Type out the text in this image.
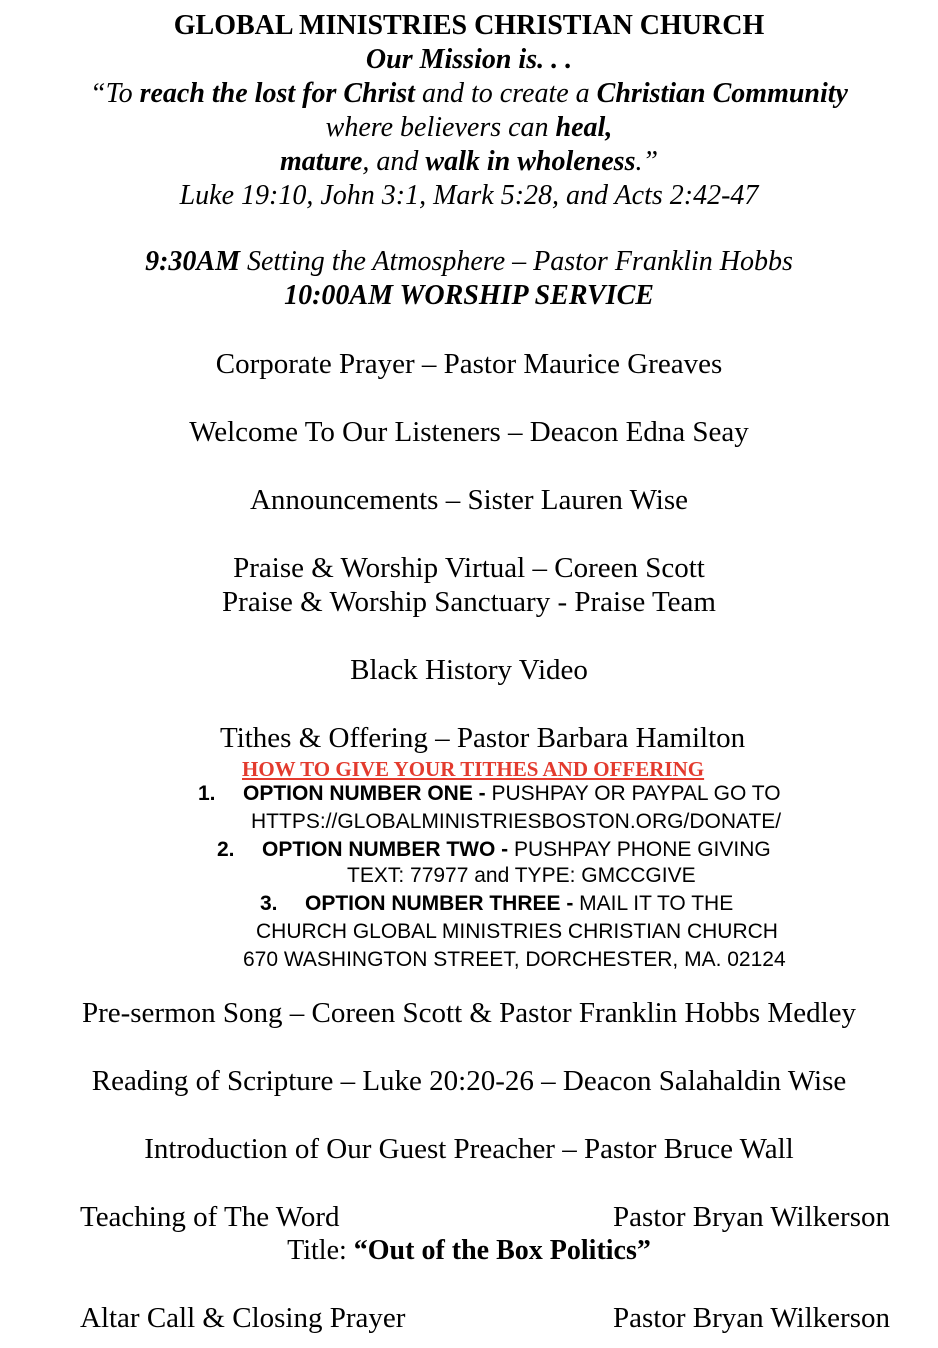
GLOBAL MINISTRIES CHRISTIAN CHURCH
Our Mission is. . .
“To reach the lost for Christ and to create a Christian Community
where believers can heal,
mature, and walk in wholeness.”
Luke 19:10, John 3:1, Mark 5:28, and Acts 2:42-47
9:30AM Setting the Atmosphere – Pastor Franklin Hobbs
10:00AM WORSHIP SERVICE
Corporate Prayer – Pastor Maurice Greaves
Welcome To Our Listeners – Deacon Edna Seay
Announcements – Sister Lauren Wise
Praise & Worship Virtual – Coreen Scott
Praise & Worship Sanctuary - Praise Team
Black History Video
Tithes & Offering – Pastor Barbara Hamilton
HOW TO GIVE YOUR TITHES AND OFFERING
1. OPTION NUMBER ONE - PUSHPAY OR PAYPAL GO TO
HTTPS://GLOBALMINISTRIESBOSTON.ORG/DONATE/
2. OPTION NUMBER TWO - PUSHPAY PHONE GIVING
TEXT: 77977 and TYPE: GMCCGIVE
3. OPTION NUMBER THREE - MAIL IT TO THE
CHURCH GLOBAL MINISTRIES CHRISTIAN CHURCH
670 WASHINGTON STREET, DORCHESTER, MA. 02124
Pre-sermon Song – Coreen Scott & Pastor Franklin Hobbs Medley
Reading of Scripture – Luke 20:20-26 – Deacon Salahaldin Wise
Introduction of Our Guest Preacher – Pastor Bruce Wall
Teaching of The Word	Pastor Bryan Wilkerson
Title: “Out of the Box Politics”
Altar Call & Closing Prayer	Pastor Bryan Wilkerson
